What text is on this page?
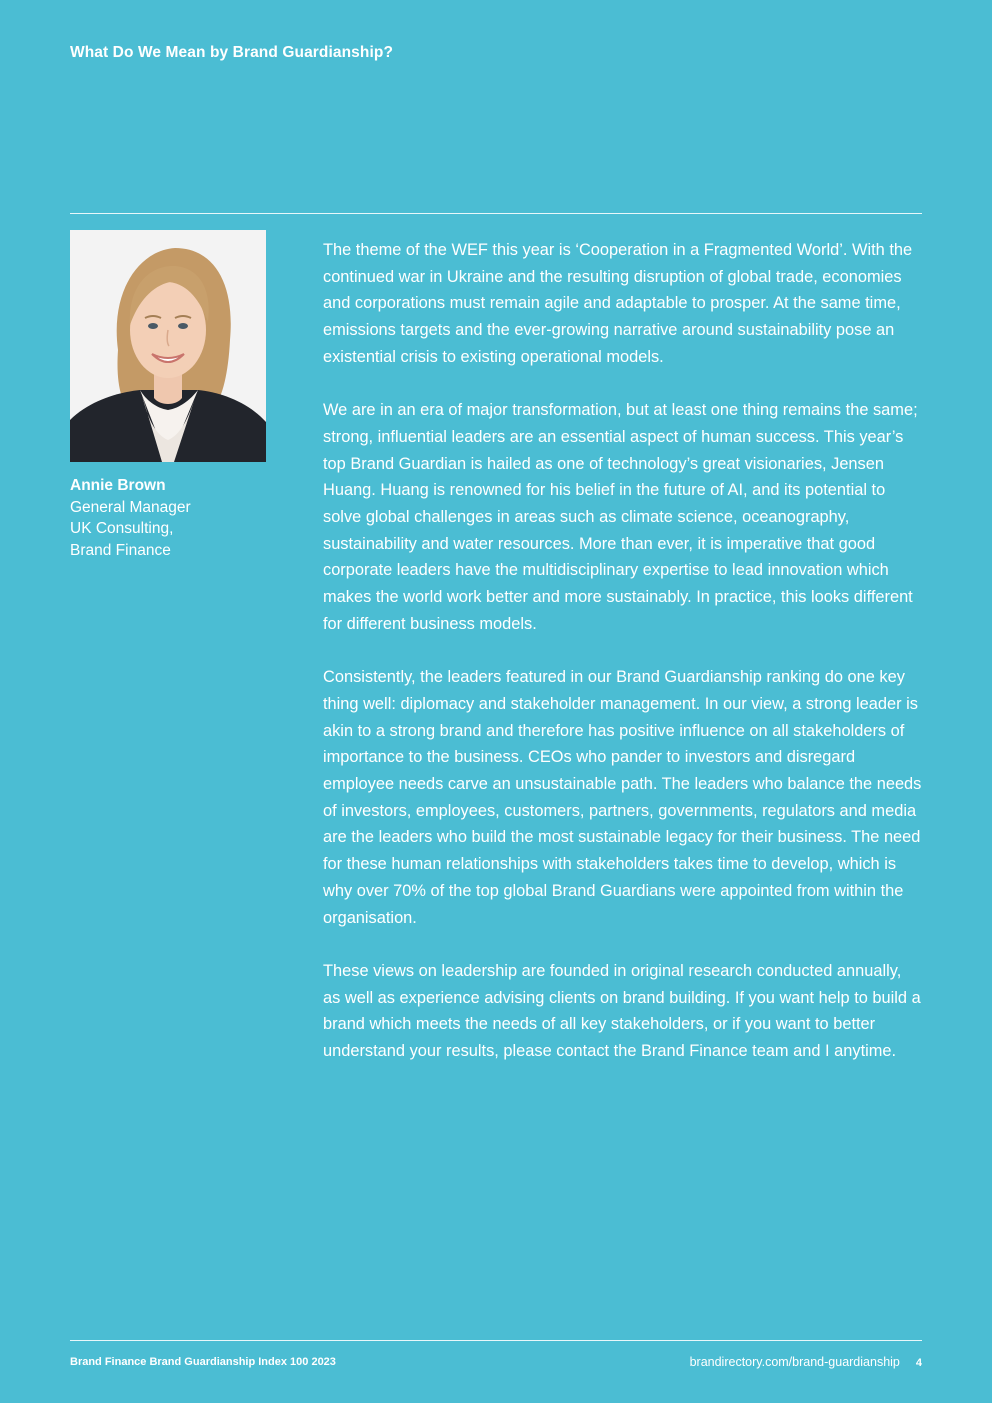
What Do We Mean by Brand Guardianship?
Annie Brown
General Manager
UK Consulting,
Brand Finance

The theme of the WEF this year is ‘Cooperation in a Fragmented World’. With the continued war in Ukraine and the resulting disruption of global trade, economies and corporations must remain agile and adaptable to prosper. At the same time, emissions targets and the ever-growing narrative around sustainability pose an existential crisis to existing operational models.

We are in an era of major transformation, but at least one thing remains the same; strong, influential leaders are an essential aspect of human success. This year’s top Brand Guardian is hailed as one of technology’s great visionaries, Jensen Huang. Huang is renowned for his belief in the future of AI, and its potential to solve global challenges in areas such as climate science, oceanography, sustainability and water resources. More than ever, it is imperative that good corporate leaders have the multidisciplinary expertise to lead innovation which makes the world work better and more sustainably. In practice, this looks different for different business models.

Consistently, the leaders featured in our Brand Guardianship ranking do one key thing well: diplomacy and stakeholder management. In our view, a strong leader is akin to a strong brand and therefore has positive influence on all stakeholders of importance to the business. CEOs who pander to investors and disregard employee needs carve an unsustainable path. The leaders who balance the needs of investors, employees, customers, partners, governments, regulators and media are the leaders who build the most sustainable legacy for their business. The need for these human relationships with stakeholders takes time to develop, which is why over 70% of the top global Brand Guardians were appointed from within the organisation.

These views on leadership are founded in original research conducted annually, as well as experience advising clients on brand building. If you want help to build a brand which meets the needs of all key stakeholders, or if you want to better understand your results, please contact the Brand Finance team and I anytime.

Brand Finance Brand Guardianship Index 100 2023	brandirectory.com/brand-guardianship 4
